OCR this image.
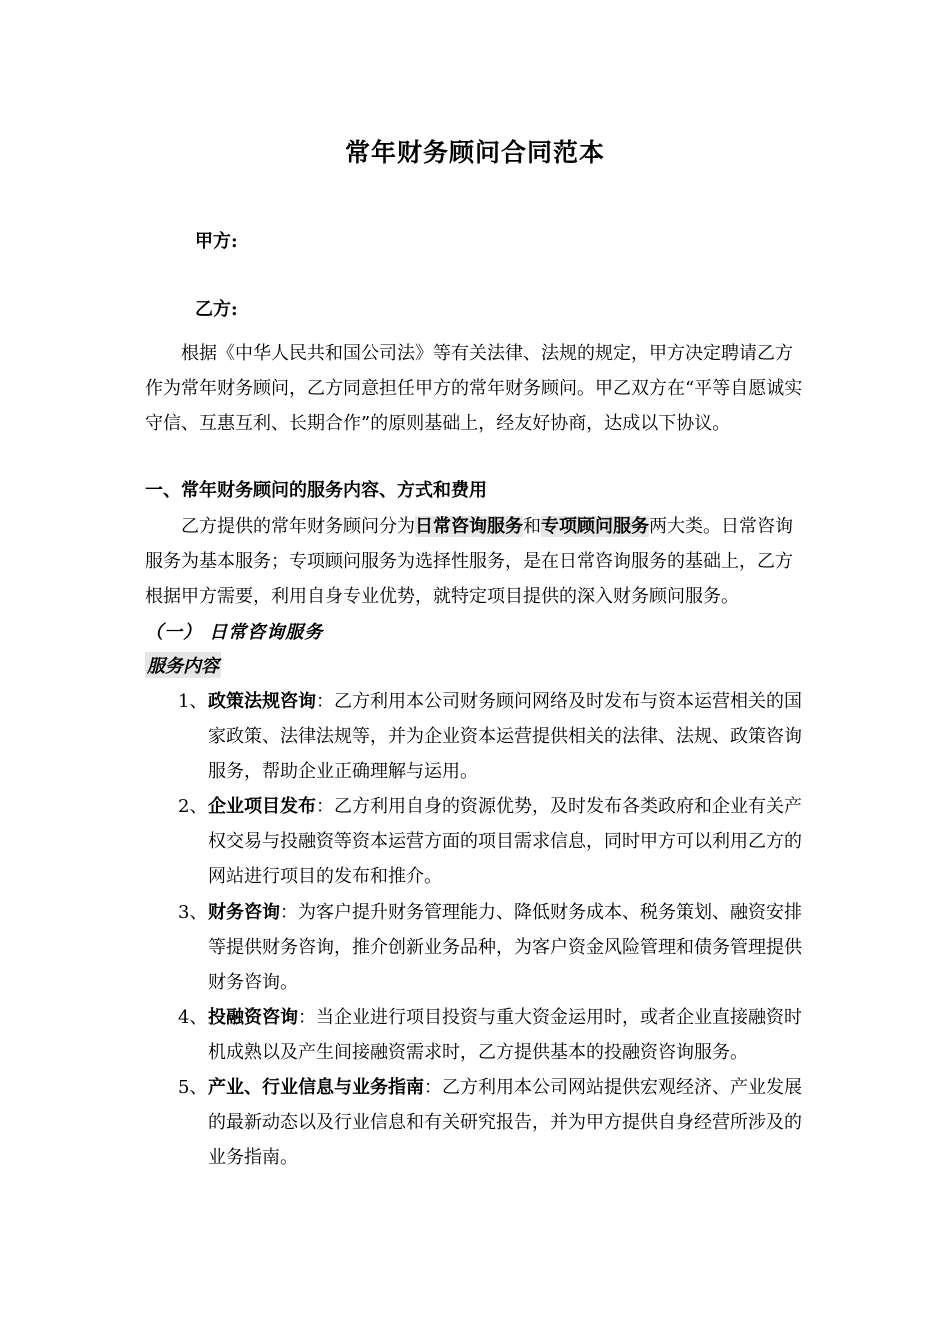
常年财务顾问合同范本
甲方:
乙方:

根据《中华人民共和国公司法》等有关法律、法规的规定，甲方决定聘请乙方作为常年财务顾问，乙方同意担任甲方的常年财务顾问。甲乙双方在“平等自愿诚实守信、互惠互利、长期合作”的原则基础上，经友好协商，达成以下协议。

一、常年财务顾问的服务内容、方式和费用

乙方提供的常年财务顾问分为日常咨询服务和专项顾问服务两大类。日常咨询服务为基本服务；专项顾问服务为选择性服务，是在日常咨询服务的基础上，乙方根据甲方需要，利用自身专业优势，就特定项目提供的深入财务顾问服务。

（一） 日常咨询服务
服务内容
1、 政策法规咨询：乙方利用本公司财务顾问网络及时发布与资本运营相关的国家政策、法律法规等，并为企业资本运营提供相关的法律、法规、政策咨询服务，帮助企业正确理解与运用。
2、 企业项目发布：乙方利用自身的资源优势，及时发布各类政府和企业有关产权交易与投融资等资本运营方面的项目需求信息，同时甲方可以利用乙方的网站进行项目的发布和推介。
3、 财务咨询：为客户提升财务管理能力、降低财务成本、税务策划、融资安排等提供财务咨询，推介创新业务品种，为客户资金风险管理和债务管理提供财务咨询。
4、 投融资咨询：当企业进行项目投资与重大资金运用时，或者企业直接融资时机成熟以及产生间接融资需求时，乙方提供基本的投融资咨询服务。
5、 产业、行业信息与业务指南：乙方利用本公司网站提供宏观经济、产业发展的最新动态以及行业信息和有关研究报告，并为甲方提供自身经营所涉及的业务指南。
